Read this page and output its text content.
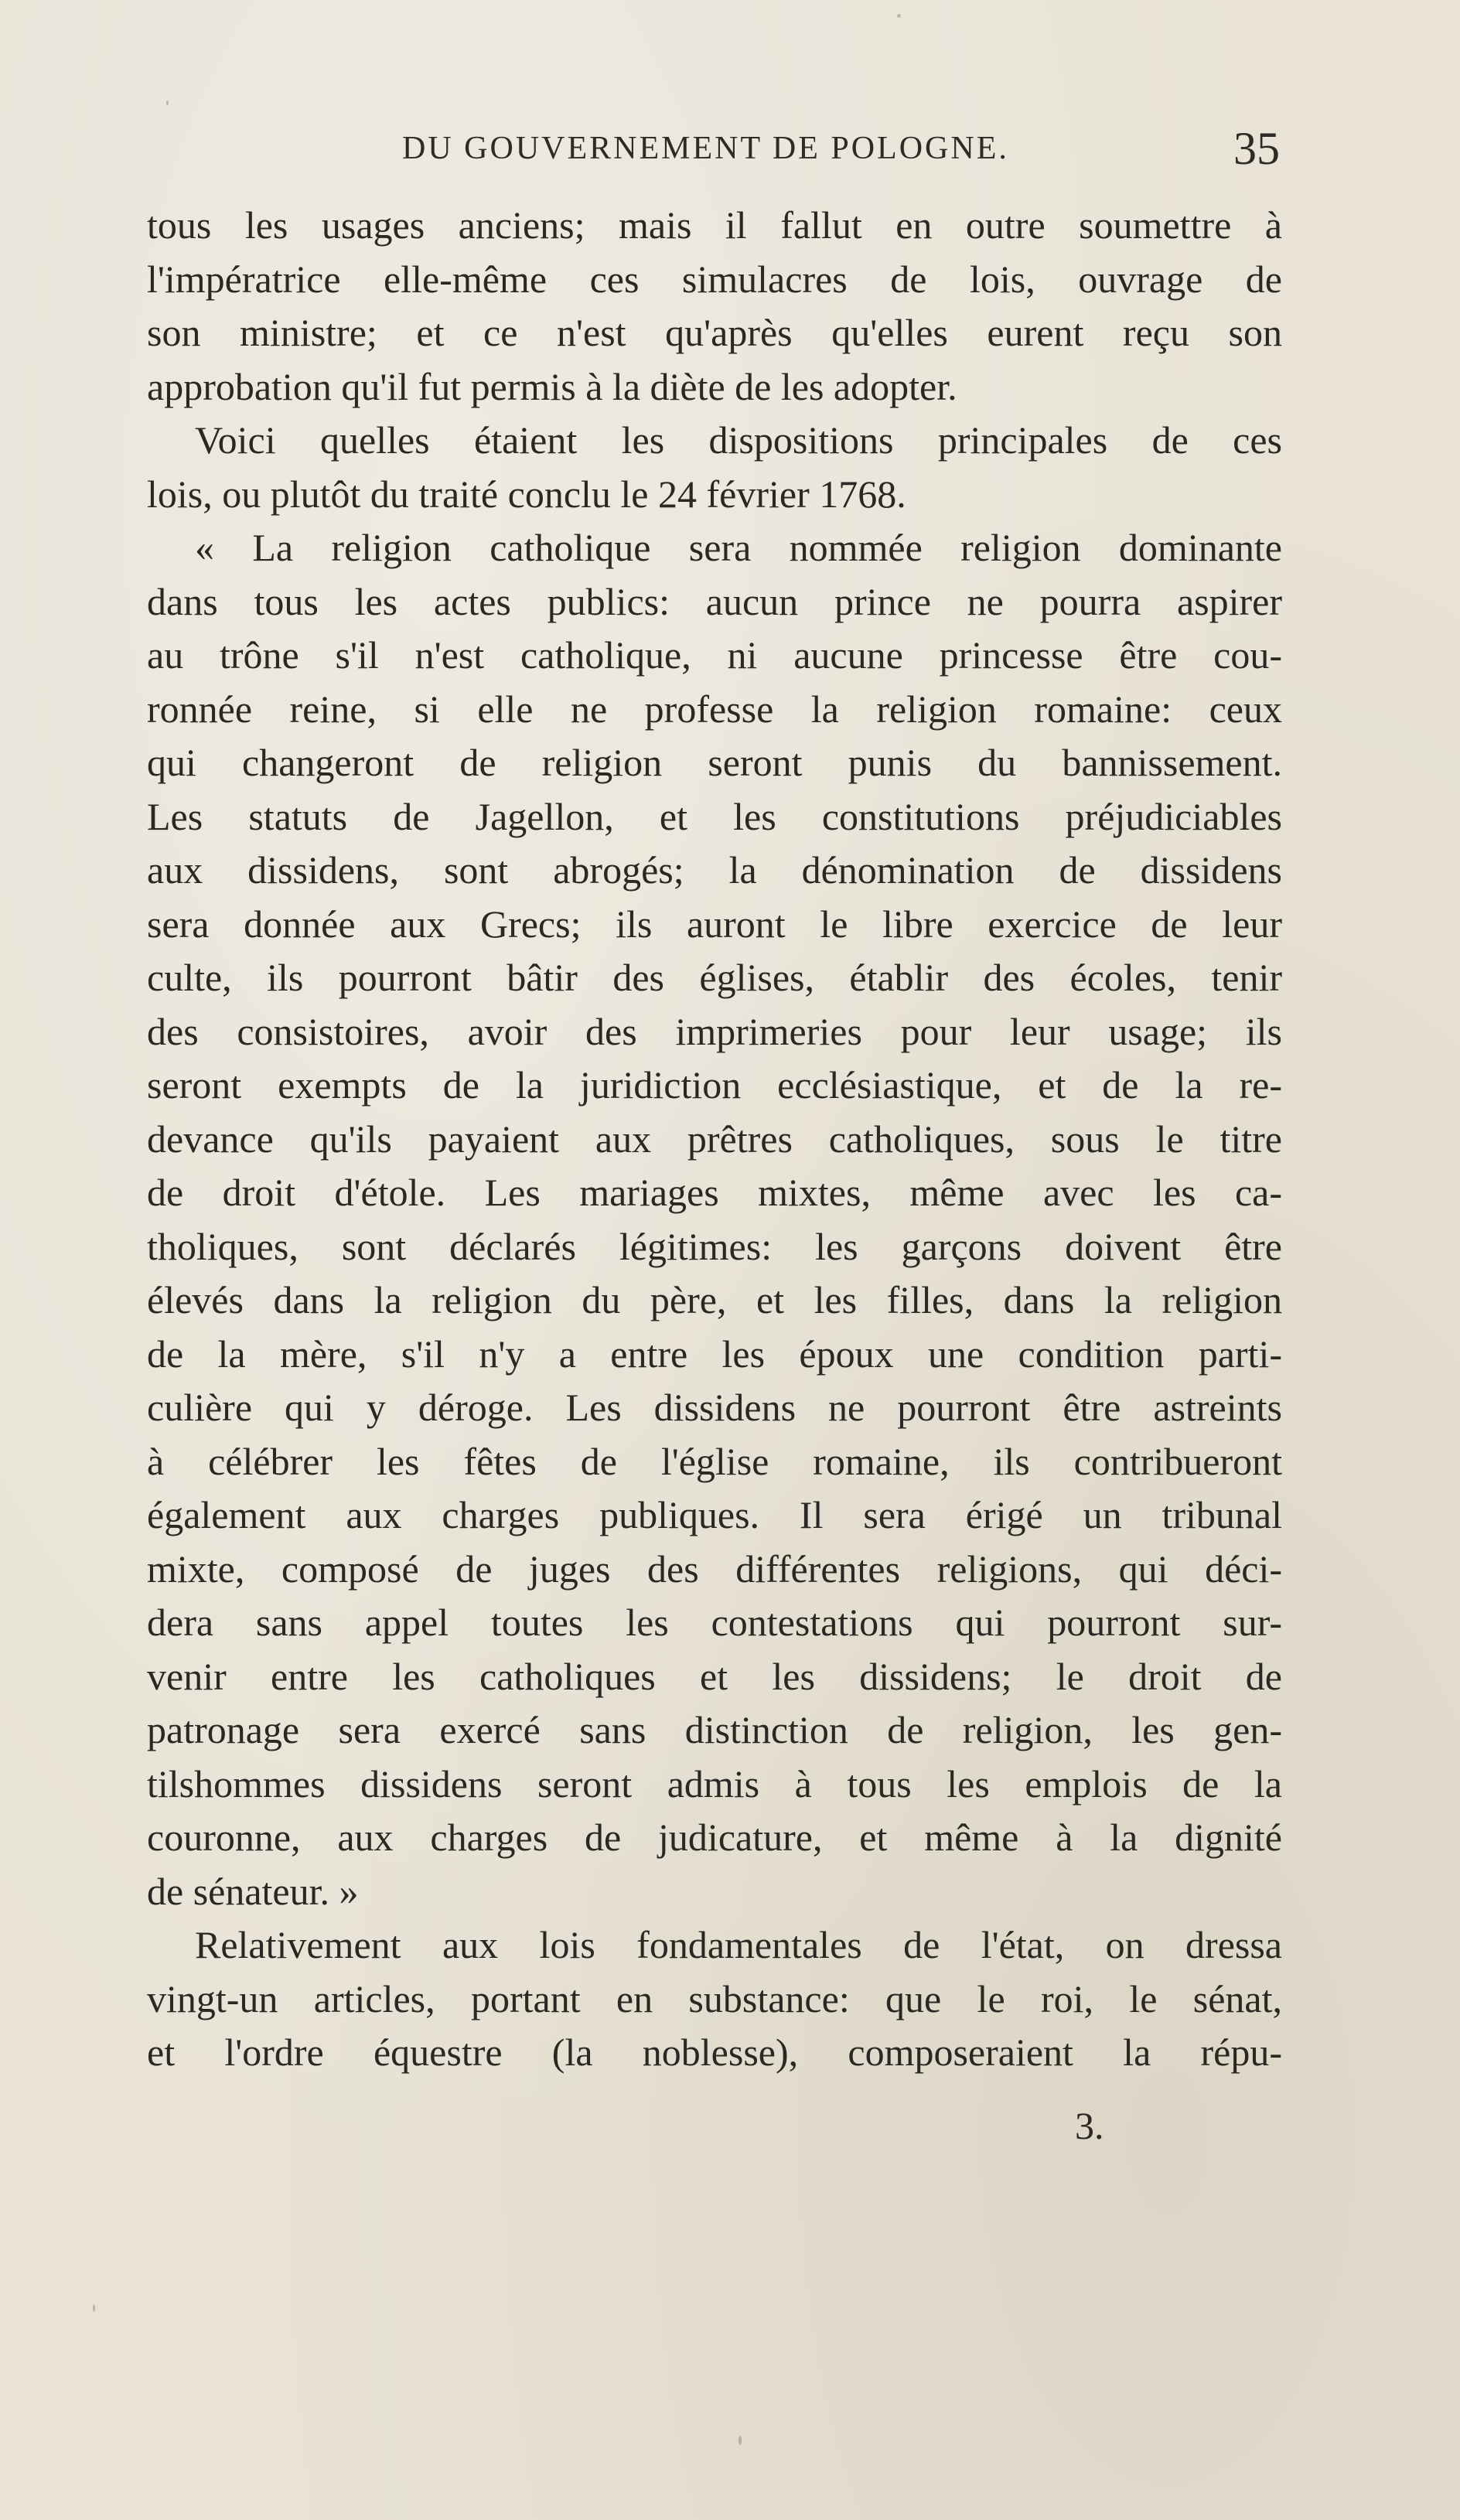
DU GOUVERNEMENT DE POLOGNE.	35
tous les usages anciens; mais il fallut en outre soumettre à
l'impératrice elle-même ces simulacres de lois, ouvrage de
son ministre; et ce n'est qu'après qu'elles eurent reçu son
approbation qu'il fut permis à la diète de les adopter.
Voici quelles étaient les dispositions principales de ces
lois, ou plutôt du traité conclu le 24 février 1768.
« La religion catholique sera nommée religion dominante
dans tous les actes publics: aucun prince ne pourra aspirer
au trône s'il n'est catholique, ni aucune princesse être cou-
ronnée reine, si elle ne professe la religion romaine: ceux
qui changeront de religion seront punis du bannissement.
Les statuts de Jagellon, et les constitutions préjudiciables
aux dissidens, sont abrogés; la dénomination de dissidens
sera donnée aux Grecs; ils auront le libre exercice de leur
culte, ils pourront bâtir des églises, établir des écoles, tenir
des consistoires, avoir des imprimeries pour leur usage; ils
seront exempts de la juridiction ecclésiastique, et de la re-
devance qu'ils payaient aux prêtres catholiques, sous le titre
de droit d'étole. Les mariages mixtes, même avec les ca-
tholiques, sont déclarés légitimes: les garçons doivent être
élevés dans la religion du père, et les filles, dans la religion
de la mère, s'il n'y a entre les époux une condition parti-
culière qui y déroge. Les dissidens ne pourront être astreints
à célébrer les fêtes de l'église romaine, ils contribueront
également aux charges publiques. Il sera érigé un tribunal
mixte, composé de juges des différentes religions, qui déci-
dera sans appel toutes les contestations qui pourront sur-
venir entre les catholiques et les dissidens; le droit de
patronage sera exercé sans distinction de religion, les gen-
tilshommes dissidens seront admis à tous les emplois de la
couronne, aux charges de judicature, et même à la dignité
de sénateur. »
Relativement aux lois fondamentales de l'état, on dressa
vingt-un articles, portant en substance: que le roi, le sénat,
et l'ordre équestre (la noblesse), composeraient la répu-
3.
